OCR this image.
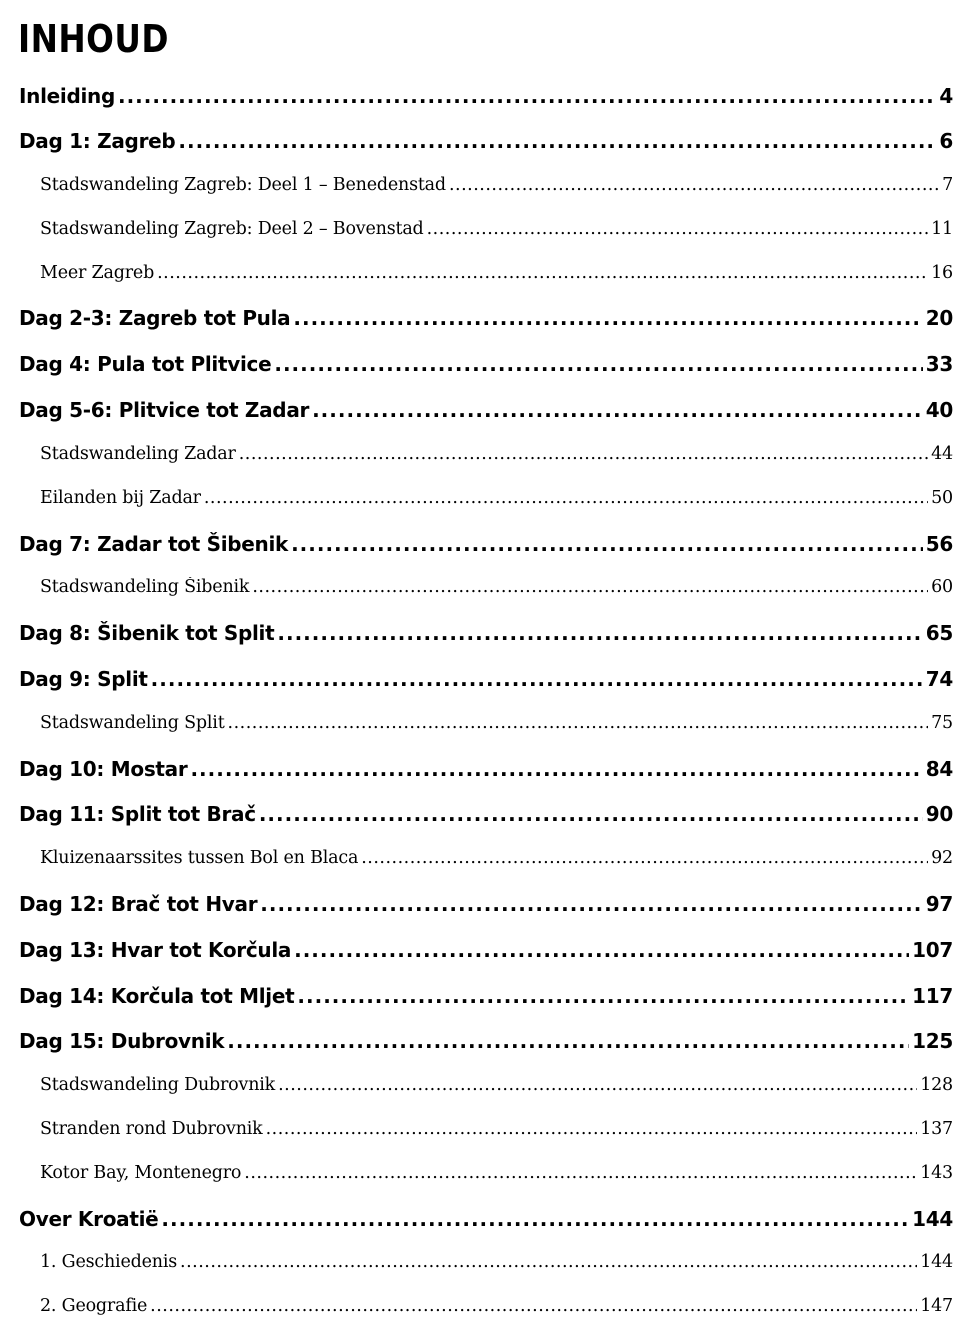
INHOUD
Inleiding .....	4
Dag 1: Zagreb .....	6
Stadswandeling Zagreb: Deel 1 – Benedenstad .....	7
Stadswandeling Zagreb: Deel 2 – Bovenstad .....	11
Meer Zagreb .....	16
Dag 2-3: Zagreb tot Pula .....	20
Dag 4: Pula tot Plitvice .....	33
Dag 5-6: Plitvice tot Zadar .....	40
Stadswandeling Zadar .....	44
Eilanden bij Zadar .....	50
Dag 7: Zadar tot Šibenik .....	56
Stadswandeling Šibenik .....	60
Dag 8: Šibenik tot Split .....	65
Dag 9: Split .....	74
Stadswandeling Split .....	75
Dag 10: Mostar .....	84
Dag 11: Split tot Brač .....	90
Kluizenaarssites tussen Bol en Blaca .....	92
Dag 12: Brač tot Hvar .....	97
Dag 13: Hvar tot Korčula .....	107
Dag 14: Korčula tot Mljet .....	117
Dag 15: Dubrovnik .....	125
Stadswandeling Dubrovnik .....	128
Stranden rond Dubrovnik .....	137
Kotor Bay, Montenegro .....	143
Over Kroatië .....	144
1. Geschiedenis .....	144
2. Geografie .....	147
